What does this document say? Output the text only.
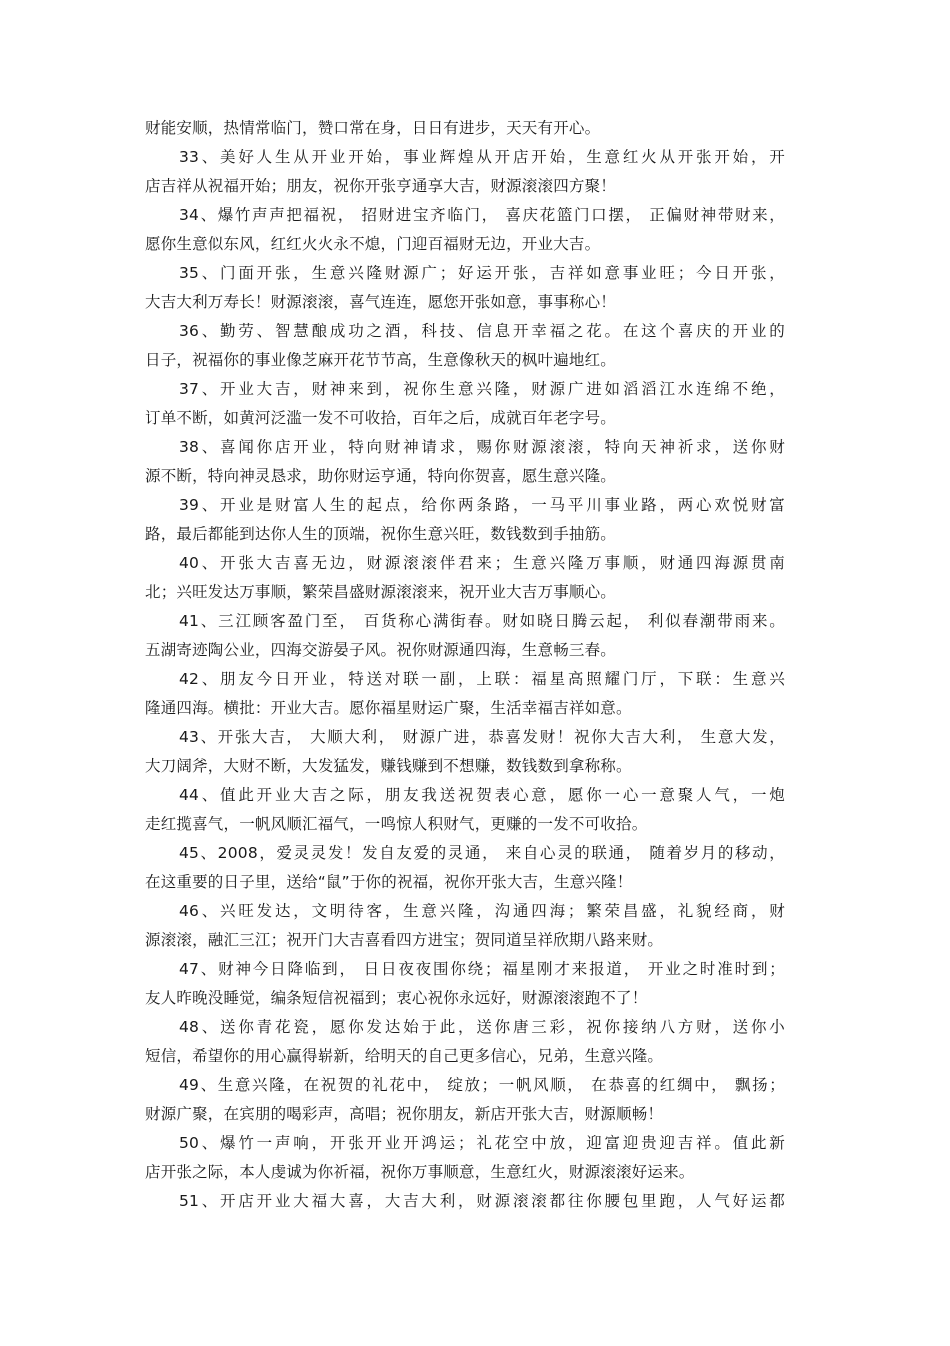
财能安顺，热情常临门，赞口常在身，日日有进步，天天有开心。
33、美好人生从开业开始，事业辉煌从开店开始，生意红火从开张开始，开
店吉祥从祝福开始；朋友，祝你开张亨通享大吉，财源滚滚四方聚！
34、爆竹声声把福祝， 招财进宝齐临门， 喜庆花篮门口摆， 正偏财神带财来，
愿你生意似东风，红红火火永不熄，门迎百福财无边，开业大吉。
35、门面开张，生意兴隆财源广；好运开张，吉祥如意事业旺；今日开张，
大吉大利万寿长！财源滚滚，喜气连连，愿您开张如意，事事称心！
36、勤劳、智慧酿成功之酒，科技、信息开幸福之花。在这个喜庆的开业的
日子，祝福你的事业像芝麻开花节节高，生意像秋天的枫叶遍地红。
37、开业大吉，财神来到，祝你生意兴隆，财源广进如滔滔江水连绵不绝，
订单不断，如黄河泛滥一发不可收拾，百年之后，成就百年老字号。
38、喜闻你店开业，特向财神请求，赐你财源滚滚，特向天神祈求，送你财
源不断，特向神灵恳求，助你财运亨通，特向你贺喜，愿生意兴隆。
39、开业是财富人生的起点，给你两条路，一马平川事业路，两心欢悦财富
路，最后都能到达你人生的顶端，祝你生意兴旺，数钱数到手抽筋。
40、开张大吉喜无边，财源滚滚伴君来；生意兴隆万事顺，财通四海源贯南
北；兴旺发达万事顺，繁荣昌盛财源滚滚来，祝开业大吉万事顺心。
41、三江顾客盈门至， 百货称心满街春。财如晓日腾云起， 利似春潮带雨来。
五湖寄迹陶公业，四海交游晏子风。祝你财源通四海，生意畅三春。
42、朋友今日开业，特送对联一副，上联：福星高照耀门厅，下联：生意兴
隆通四海。横批：开业大吉。愿你福星财运广聚，生活幸福吉祥如意。
43、开张大吉， 大顺大利， 财源广进，恭喜发财！祝你大吉大利， 生意大发，
大刀阔斧，大财不断，大发猛发，赚钱赚到不想赚，数钱数到拿称称。
44、值此开业大吉之际，朋友我送祝贺表心意，愿你一心一意聚人气，一炮
走红揽喜气，一帆风顺汇福气，一鸣惊人积财气，更赚的一发不可收拾。
45、2008，爱灵灵发！发自友爱的灵通， 来自心灵的联通， 随着岁月的移动，
在这重要的日子里，送给“鼠”于你的祝福，祝你开张大吉，生意兴隆！
46、兴旺发达，文明待客，生意兴隆，沟通四海；繁荣昌盛，礼貌经商，财
源滚滚，融汇三江；祝开门大吉喜看四方进宝；贺同道呈祥欣期八路来财。
47、财神今日降临到， 日日夜夜围你绕；福星刚才来报道， 开业之时准时到；
友人昨晚没睡觉，编条短信祝福到；衷心祝你永远好，财源滚滚跑不了！
48、送你青花瓷，愿你发达始于此，送你唐三彩，祝你接纳八方财，送你小
短信，希望你的用心赢得崭新，给明天的自己更多信心，兄弟，生意兴隆。
49、生意兴隆，在祝贺的礼花中， 绽放；一帆风顺， 在恭喜的红绸中， 飘扬；
财源广聚，在宾朋的喝彩声，高唱；祝你朋友，新店开张大吉，财源顺畅！
50、爆竹一声响，开张开业开鸿运；礼花空中放，迎富迎贵迎吉祥。值此新
店开张之际，本人虔诚为你祈福，祝你万事顺意，生意红火，财源滚滚好运来。
51、开店开业大福大喜，大吉大利，财源滚滚都往你腰包里跑，人气好运都
